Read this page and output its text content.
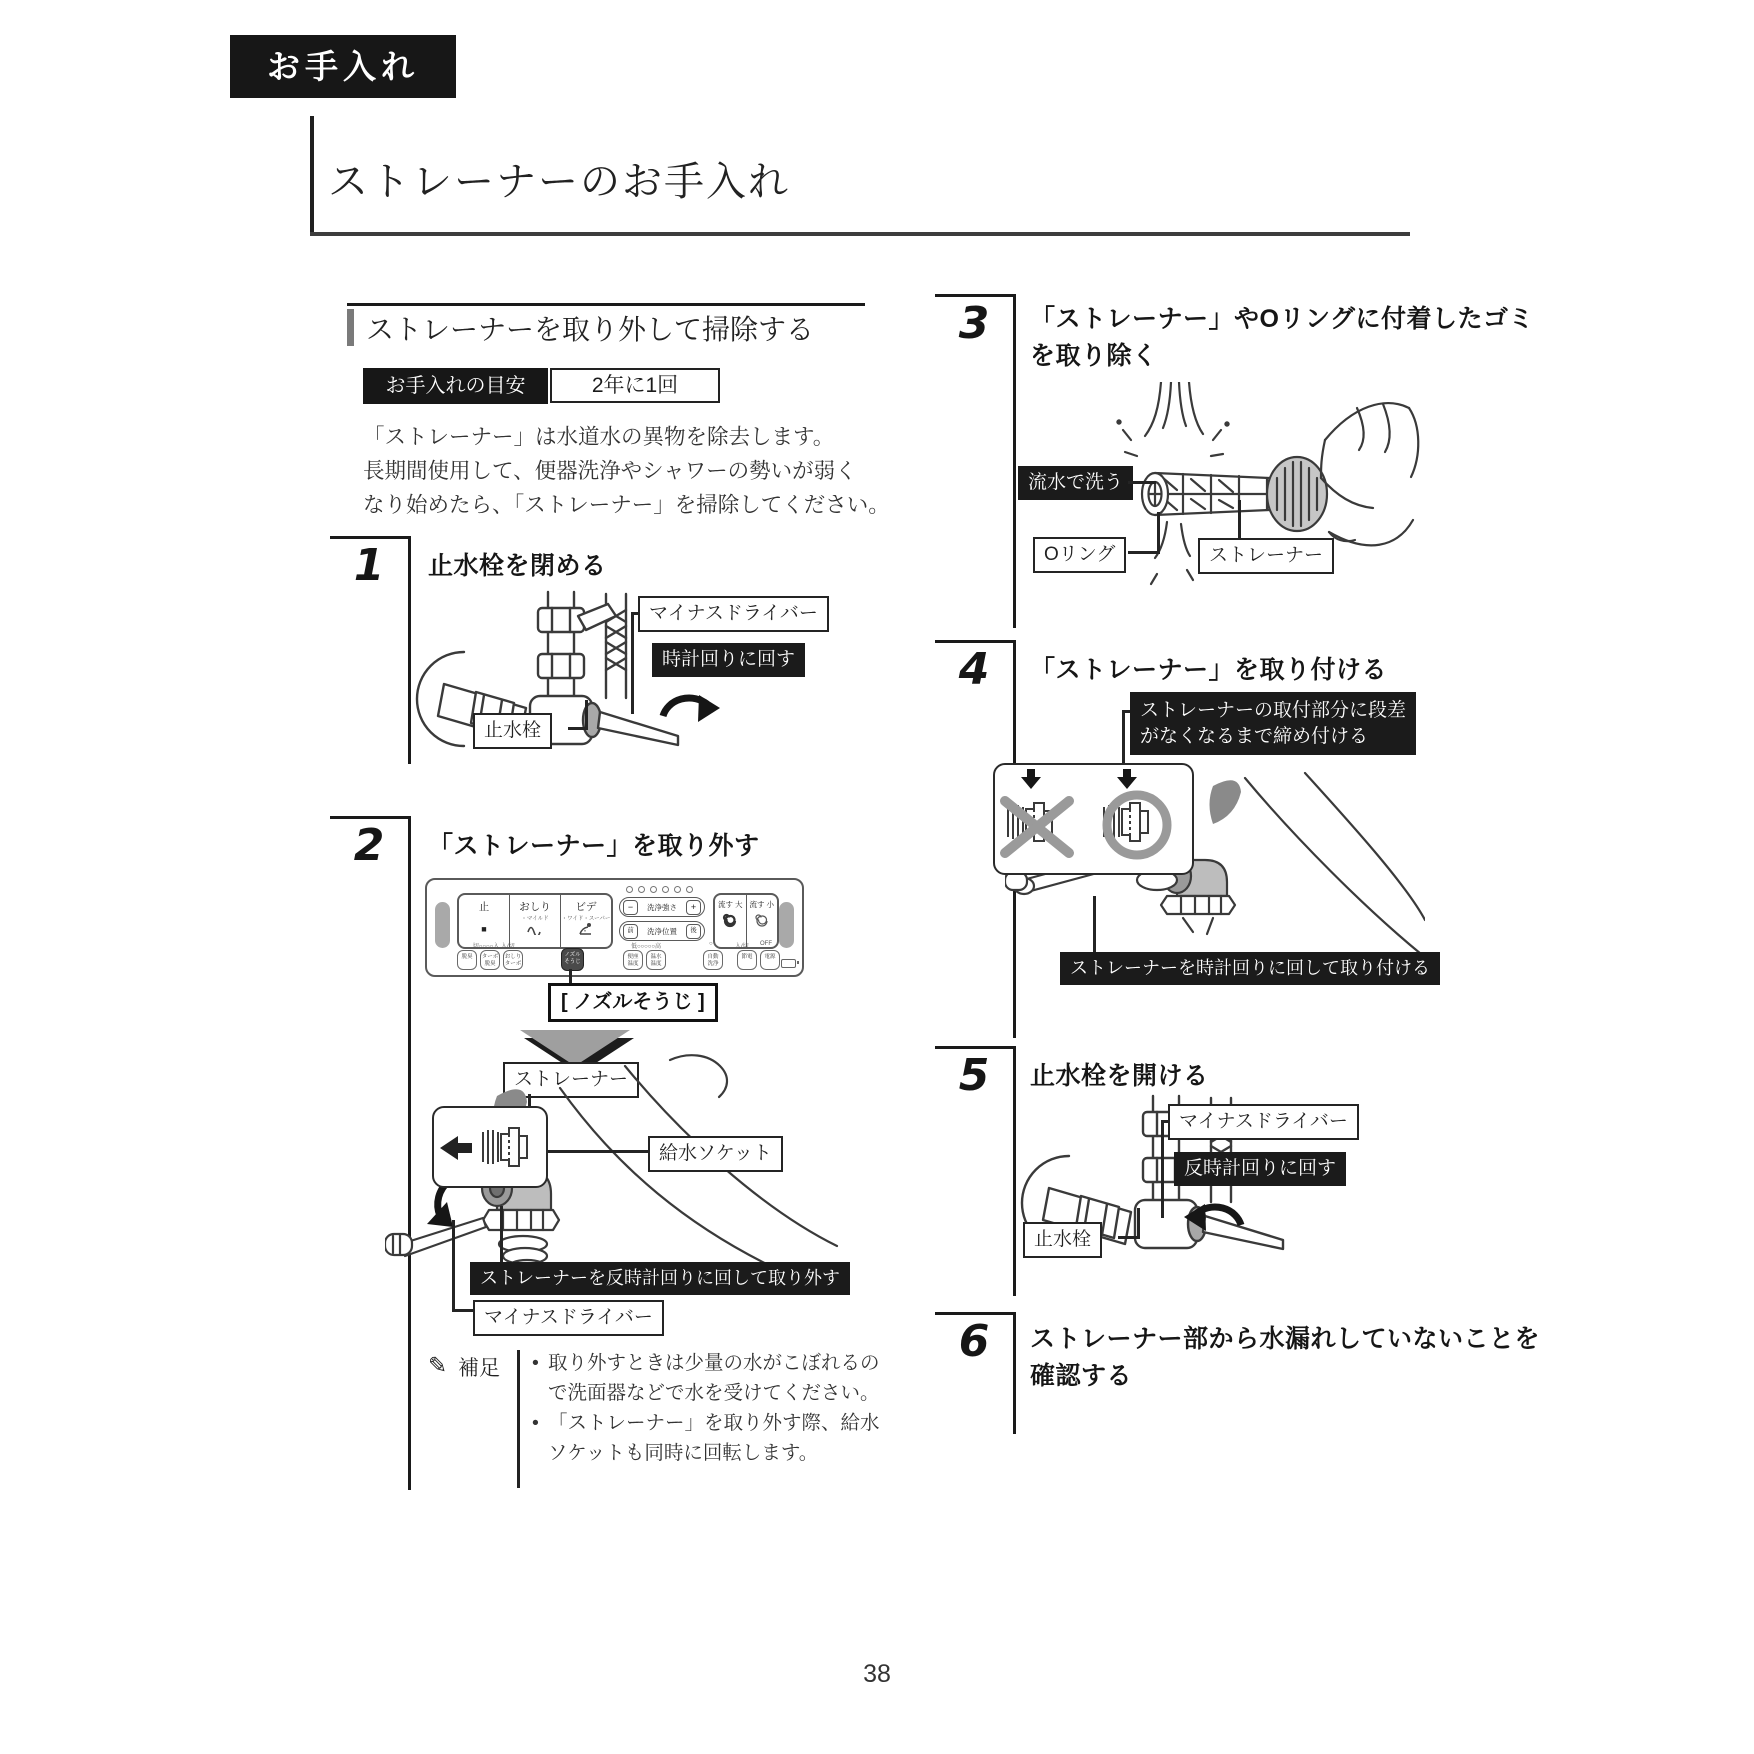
お手入れ
ストレーナーのお手入れ
ストレーナーを取り外して掃除する
お手入れの目安	2年に1回
「ストレーナー」は水道水の異物を除去します。
長期間使用して、便器洗浄やシャワーの勢いが弱く
なり始めたら、「ストレーナー」を掃除してください。
1	止水栓を閉める
マイナスドライバー
時計回りに回す
止水栓
2	「ストレーナー」を取り外す
止
■
おしり
・マイルド
ビデ
・ワイド・スーパー
−	洗浄強さ	+
前	洗浄位置	後
流す 大 流す 小
切○○○○入 入/切	低○○○○○高	○	入/切 OFF
脱臭	ターボ
脱臭
おしり
ターボ
ノズル
そうじ
便座
温度
温水
温度
自動
洗浄
節電	電源
[ ノズルそうじ ]
ストレーナー
給水ソケット
ストレーナーを反時計回りに回して取り外す
マイナスドライバー
✎ 補足 • 取り外すときは少量の水がこぼれるので洗面器などで水を受けてください。
• 「ストレーナー」を取り外す際、給水ソケットも同時に回転します。
3	「ストレーナー」やOリングに付着したゴミ
を取り除く
流水で洗う
Oリング	ストレーナー
4	「ストレーナー」を取り付ける
ストレーナーの取付部分に段差
がなくなるまで締め付ける
ストレーナーを時計回りに回して取り付ける
5	止水栓を開ける
マイナスドライバー
反時計回りに回す
止水栓
6	ストレーナー部から水漏れしていないことを
確認する
38
